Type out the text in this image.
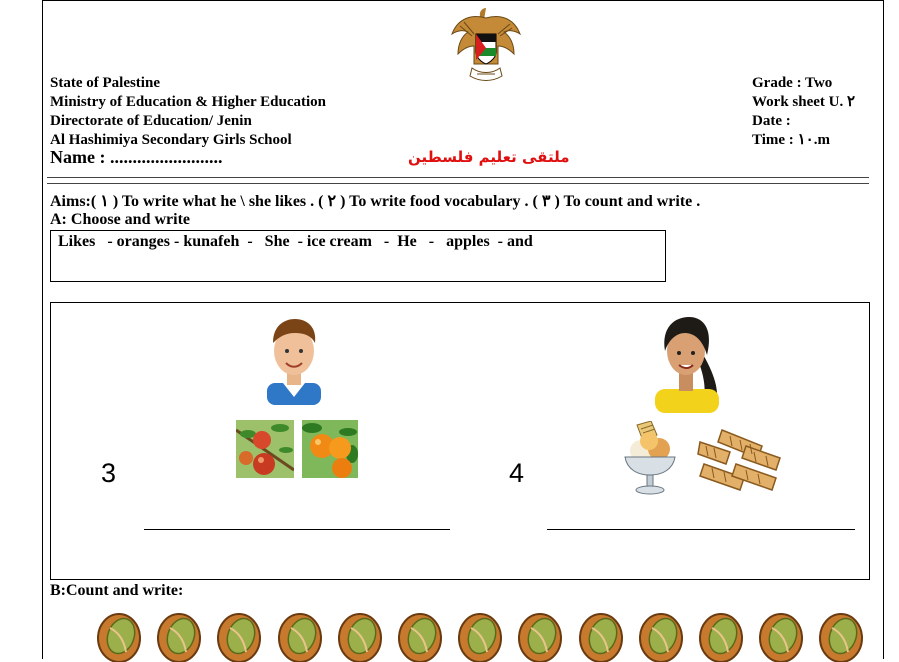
State of Palestine
Ministry of Education & Higher Education
Directorate of Education/ Jenin
Al Hashimiya Secondary Girls School
Grade : Two
Work sheet U. ٢
Date :
Time : ١٠.m
Name : .........................	ملتقى تعليم فلسطين
Aims:( ١ ) To write what he \ she likes . ( ٢ ) To write food vocabulary . ( ٣ ) To count and write .
A: Choose and write
Likes   - oranges - kunafeh  -   She  - ice cream   -  He   -   apples  - and
3	4
B:Count and write:
